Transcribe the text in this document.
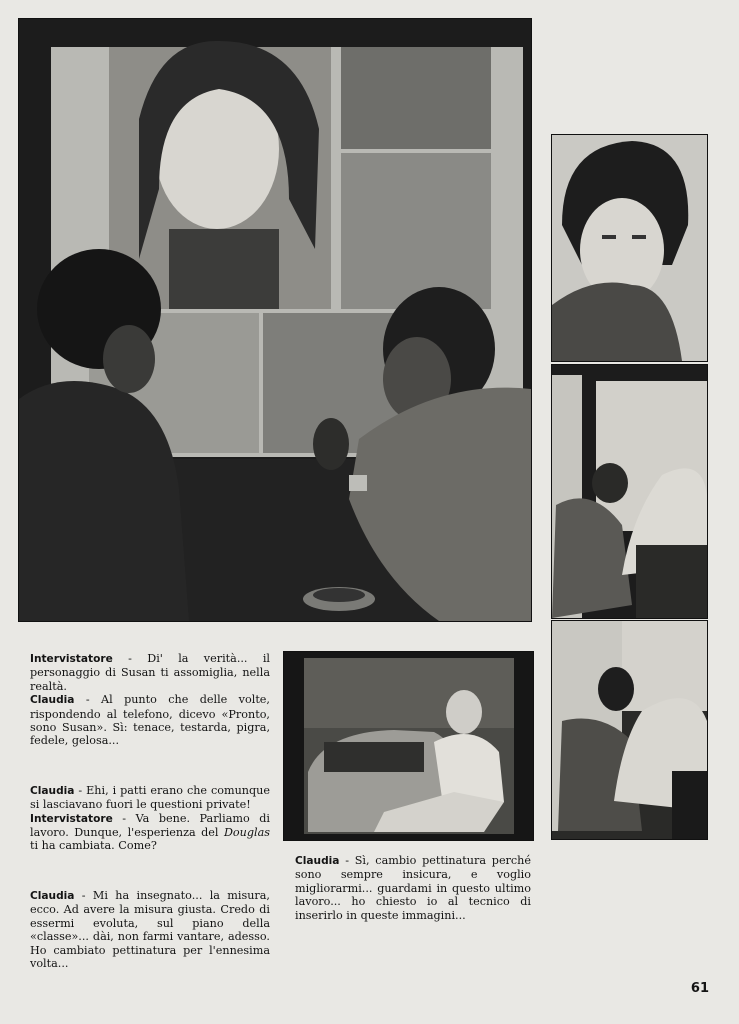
Intervistatore - Di' la verità... il personaggio di Susan ti assomiglia, nella realtà.

Claudia - Al punto che delle volte, rispondendo al telefono, dicevo «Pronto, sono Susan». Sì: tenace, testarda, pigra, fedele, gelosa...

Claudia - Ehi, i patti erano che comunque si lasciavano fuori le questioni private!

Intervistatore - Va bene. Parliamo di lavoro. Dunque, l'esperienza del Douglas ti ha cambiata. Come?

Claudia - Mi ha insegnato... la misura, ecco. Ad avere la misura giusta. Credo di essermi evoluta, sul piano della «classe»... dài, non farmi vantare, adesso. Ho cambiato pettinatura per l'ennesima volta...

Claudia - Sì, cambio pettinatura perché sono sempre insicura, e voglio migliorarmi... guardami in questo ultimo lavoro... ho chiesto io al tecnico di inserirlo in queste immagini...

61
